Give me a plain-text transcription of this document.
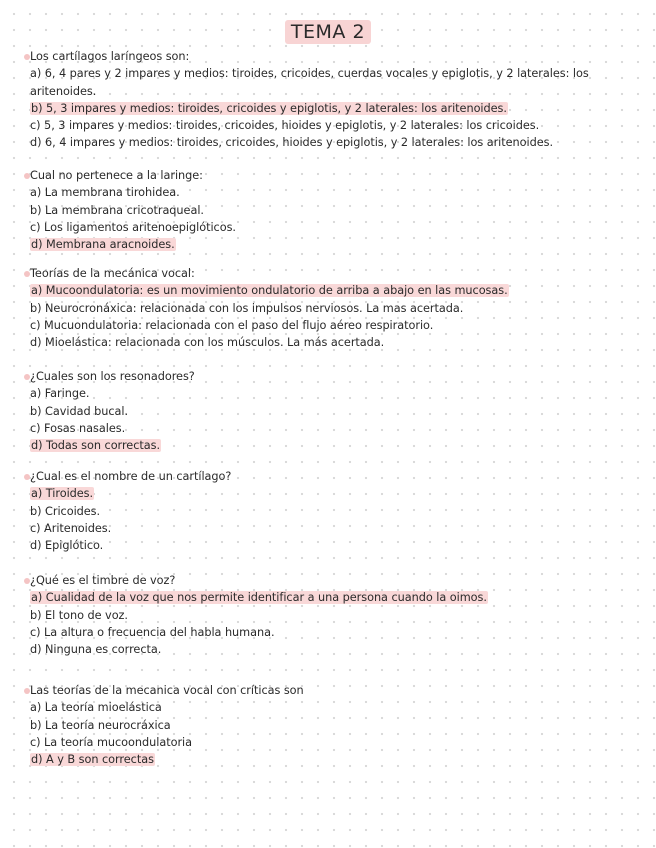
TEMA 2
Los cartílagos laríngeos son:
a) 6, 4 pares y 2 impares y medios: tiroides, cricoides, cuerdas vocales y epiglotis, y 2 laterales: los aritenoides.
b) 5, 3 impares y medios: tiroides, cricoides y epiglotis, y 2 laterales: los aritenoides.
c) 5, 3 impares y medios: tiroides, cricoides, hioides y epiglotis, y 2 laterales: los cricoides.
d) 6, 4 impares y medios: tiroides, cricoides, hioides y epiglotis, y 2 laterales: los aritenoides.
Cual no pertenece a la laringe:
a) La membrana tirohidea.
b) La membrana cricotraqueal.
c) Los ligamentos aritenoepiglóticos.
d) Membrana aracnoides.
Teorías de la mecánica vocal:
a) Mucoondulatoria: es un movimiento ondulatorio de arriba a abajo en las mucosas.
b) Neurocronáxica: relacionada con los impulsos nerviosos. La mas acertada.
c) Mucuondulatoria: relacionada con el paso del flujo aéreo respiratorio.
d) Mioelástica: relacionada con los músculos. La más acertada.
¿Cuales son los resonadores?
a) Faringe.
b) Cavidad bucal.
c) Fosas nasales.
d) Todas son correctas.
¿Cual es el nombre de un cartílago?
a) Tiroides.
b) Cricoides.
c) Aritenoides.
d) Epiglótico.
¿Qué es el timbre de voz?
a) Cualidad de la voz que nos permite identificar a una persona cuando la oimos.
b) El tono de voz.
c) La altura o frecuencia del habla humana.
d) Ninguna es correcta.
Las teorías de la mecanica vocal con críticas son
a) La teoría mioelástica
b) La teoría neurocráxica
c) La teoría mucoondulatoria
d) A y B son correctas
